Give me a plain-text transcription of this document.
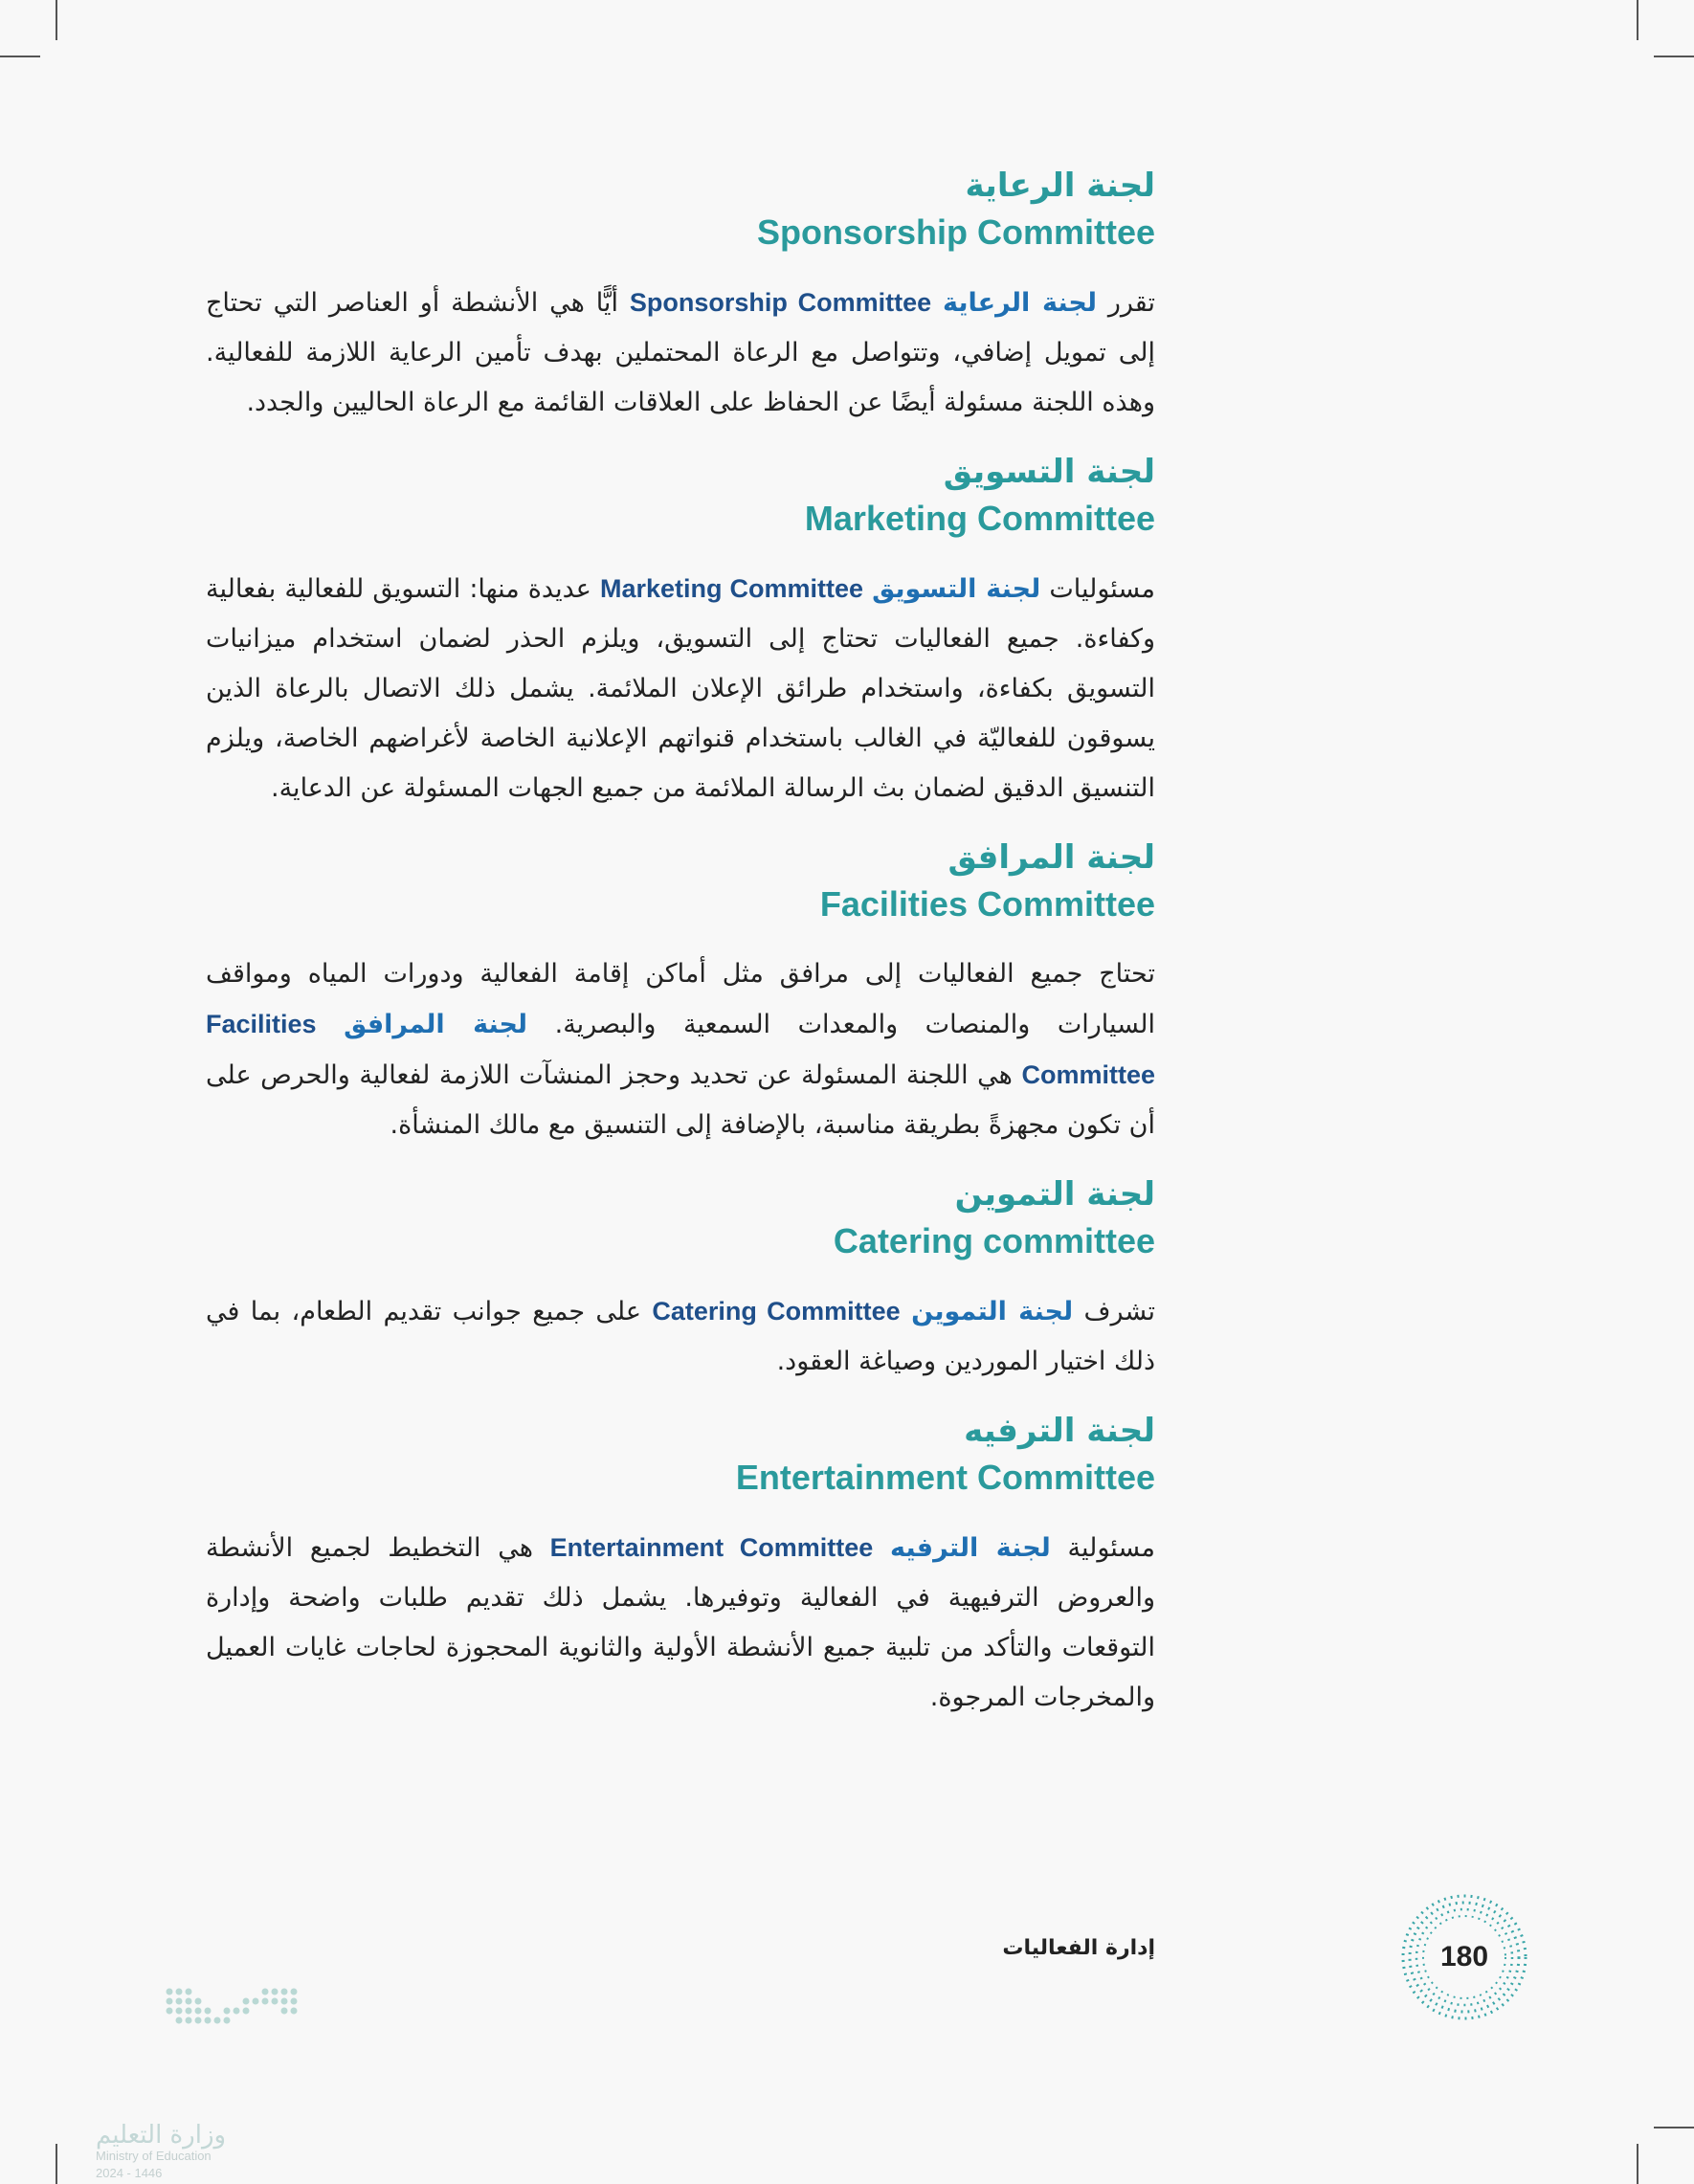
لجنة الرعاية
Sponsorship Committee

تقرر لجنة الرعاية Sponsorship Committee أيًّا هي الأنشطة أو العناصر التي تحتاج إلى تمويل إضافي، وتتواصل مع الرعاة المحتملين بهدف تأمين الرعاية اللازمة للفعالية. وهذه اللجنة مسئولة أيضًا عن الحفاظ على العلاقات القائمة مع الرعاة الحاليين والجدد.

لجنة التسويق
Marketing Committee

مسئوليات لجنة التسويق Marketing Committee عديدة منها: التسويق للفعالية بفعالية وكفاءة. جميع الفعاليات تحتاج إلى التسويق، ويلزم الحذر لضمان استخدام ميزانيات التسويق بكفاءة، واستخدام طرائق الإعلان الملائمة. يشمل ذلك الاتصال بالرعاة الذين يسوقون للفعاليّة في الغالب باستخدام قنواتهم الإعلانية الخاصة لأغراضهم الخاصة، ويلزم التنسيق الدقيق لضمان بث الرسالة الملائمة من جميع الجهات المسئولة عن الدعاية.

لجنة المرافق
Facilities Committee

تحتاج جميع الفعاليات إلى مرافق مثل أماكن إقامة الفعالية ودورات المياه ومواقف السيارات والمنصات والمعدات السمعية والبصرية. لجنة المرافق Facilities Committee هي اللجنة المسئولة عن تحديد وحجز المنشآت اللازمة لفعالية والحرص على أن تكون مجهزةً بطريقة مناسبة، بالإضافة إلى التنسيق مع مالك المنشأة.

لجنة التموين
Catering committee

تشرف لجنة التموين Catering Committee على جميع جوانب تقديم الطعام، بما في ذلك اختيار الموردين وصياغة العقود.

لجنة الترفيه
Entertainment Committee

مسئولية لجنة الترفيه Entertainment Committee هي التخطيط لجميع الأنشطة والعروض الترفيهية في الفعالية وتوفيرها. يشمل ذلك تقديم طلبات واضحة وإدارة التوقعات والتأكد من تلبية جميع الأنشطة الأولية والثانوية المحجوزة لحاجات غايات العميل والمخرجات المرجوة.

إدارة الفعاليات	180
وزارة التعليم
Ministry of Education
2024 - 1446
